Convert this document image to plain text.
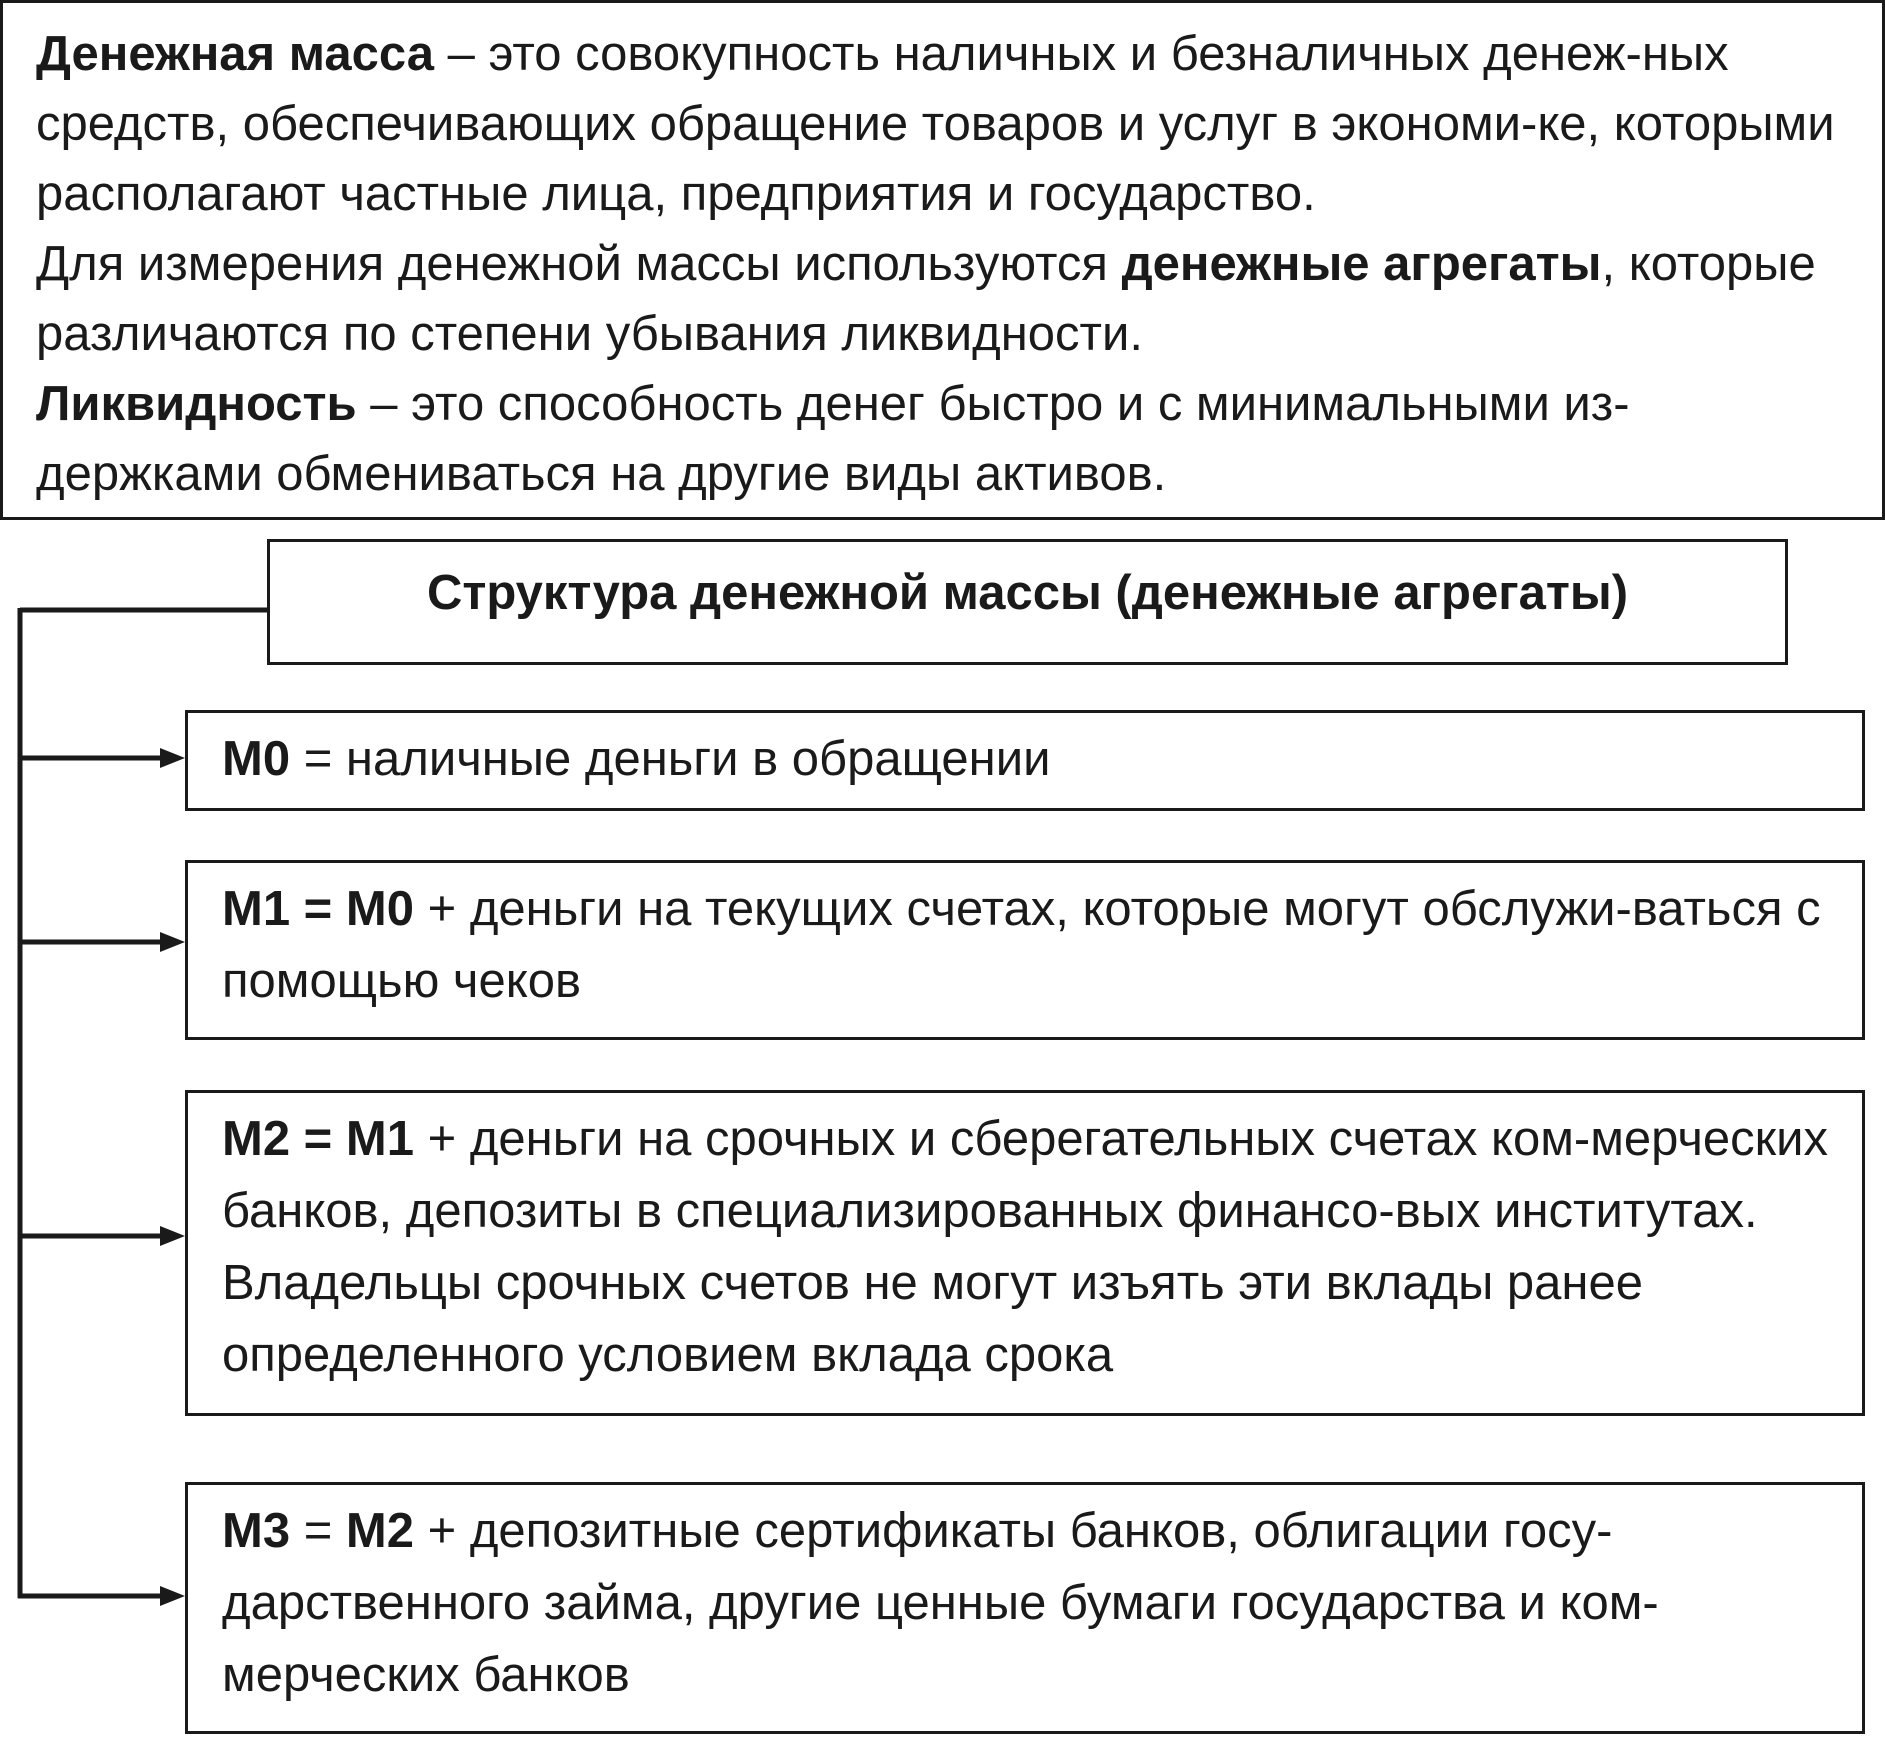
Денежная масса – это совокупность наличных и безналичных денеж-ных средств, обеспечивающих обращение товаров и услуг в экономи-ке, которыми располагают частные лица, предприятия и государство.

Для измерения денежной массы используются денежные агрегаты, которые различаются по степени убывания ликвидности.

Ликвидность – это способность денег быстро и с минимальными из-держками обмениваться на другие виды активов.

Структура денежной массы (денежные агрегаты)
М0 = наличные деньги в обращении
М1 = М0 + деньги на текущих счетах, которые могут обслужи-ваться с помощью чеков
М2 = М1 + деньги на срочных и сберегательных счетах ком-мерческих банков, депозиты в специализированных финансо-вых институтах. Владельцы срочных счетов не могут изъять эти вклады ранее определенного условием вклада срока
М3 = М2 + депозитные сертификаты банков, облигации госу-дарственного займа, другие ценные бумаги государства и ком-мерческих банков
